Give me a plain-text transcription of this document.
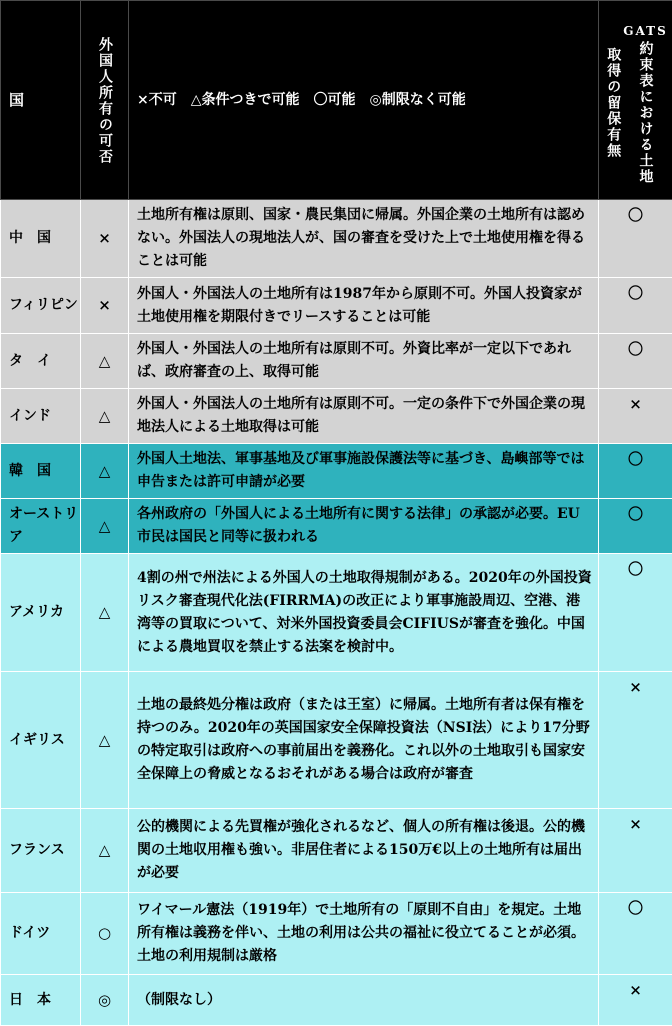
国	外国人所有の可否	×不可　△条件つきで可能　〇可能　◎制限なく可能	GATS約束表における土地取得の留保有無

中　国	×	土地所有権は原則、国家・農民集団に帰属。外国企業の土地所有は認めない。外国法人の現地法人が、国の審査を受けた上で土地使用権を得ることは可能	〇
フィリピン	×	外国人・外国法人の土地所有は1987年から原則不可。外国人投資家が土地使用権を期限付きでリースすることは可能	〇
タ　イ	△	外国人・外国法人の土地所有は原則不可。外資比率が一定以下であれば、政府審査の上、取得可能	〇
インド	△	外国人・外国法人の土地所有は原則不可。一定の条件下で外国企業の現地法人による土地取得は可能	×
韓　国	△	外国人土地法、軍事基地及び軍事施設保護法等に基づき、島嶼部等では申告または許可申請が必要	〇
オーストリア	△	各州政府の「外国人による土地所有に関する法律」の承認が必要。EU市民は国民と同等に扱われる	〇
アメリカ	△	4割の州で州法による外国人の土地取得規制がある。2020年の外国投資リスク審査現代化法(FIRRMA)の改正により軍事施設周辺、空港、港湾等の買取について、対米外国投資委員会CIFIUSが審査を強化。中国による農地買収を禁止する法案を検討中。	〇
イギリス	△	土地の最終処分権は政府（または王室）に帰属。土地所有者は保有権を持つのみ。2020年の英国国家安全保障投資法（NSI法）により17分野の特定取引は政府への事前届出を義務化。これ以外の土地取引も国家安全保障上の脅威となるおそれがある場合は政府が審査	×
フランス	△	公的機関による先買権が強化されるなど、個人の所有権は後退。公的機関の土地収用権も強い。非居住者による150万€以上の土地所有は届出が必要	×
ドイツ	○	ワイマール憲法（1919年）で土地所有の「原則不自由」を規定。土地所有権は義務を伴い、土地の利用は公共の福祉に役立てることが必須。土地の利用規制は厳格	〇
日　本	◎	（制限なし）	×
